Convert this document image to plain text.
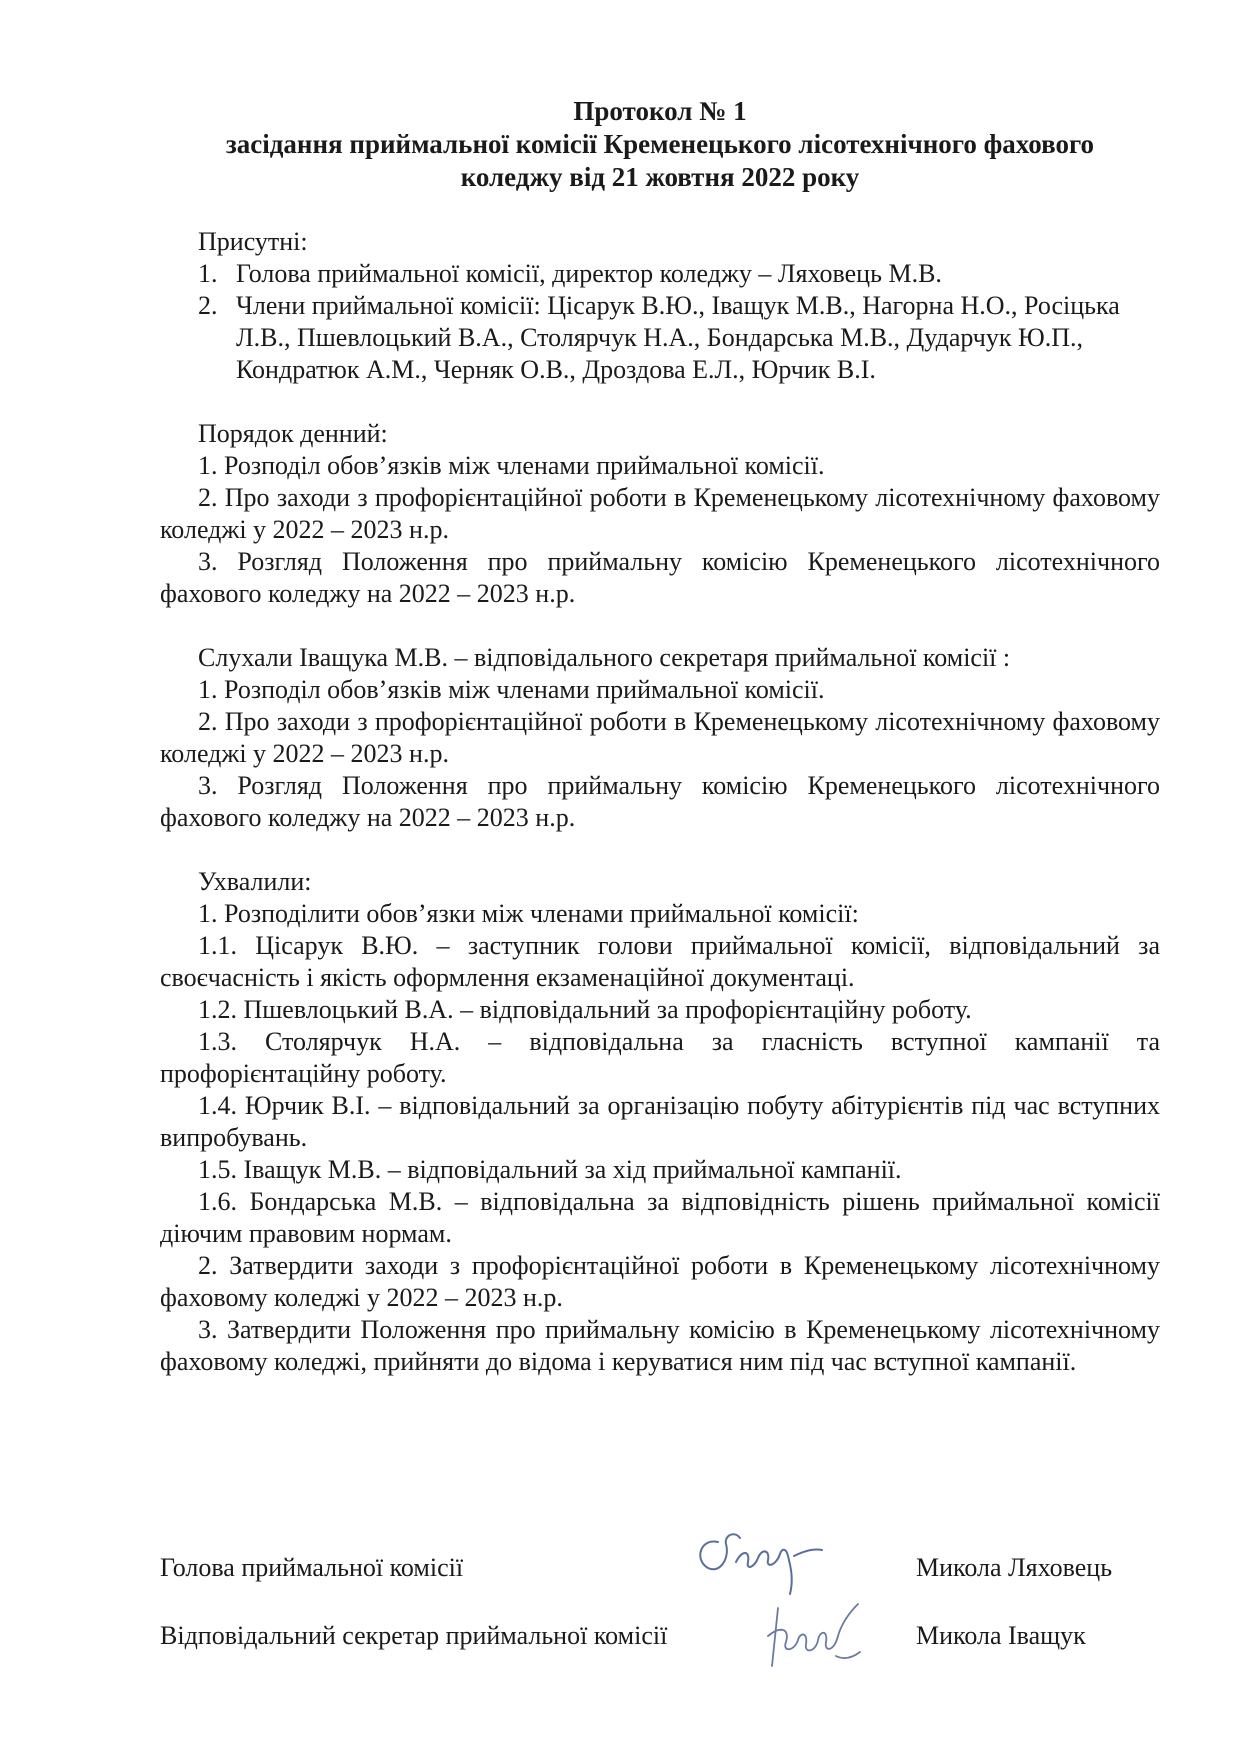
Протокол № 1
засідання приймальної комісії Кременецького лісотехнічного фахового
коледжу від 21 жовтня 2022 року

Присутні:

1. Голова приймальної комісії, директор коледжу – Ляховець М.В.
2. Члени приймальної комісії: Цісарук В.Ю., Іващук М.В., Нагорна Н.О., Росіцька Л.В., Пшевлоцький В.А., Столярчук Н.А., Бондарська М.В., Дударчук Ю.П., Кондратюк А.М., Черняк О.В., Дроздова Е.Л., Юрчик В.І.

Порядок денний:

1. Розподіл обов’язків між членами приймальної комісії.

2. Про заходи з профорієнтаційної роботи в Кременецькому лісотехнічному фаховому коледжі у 2022 – 2023 н.р.

3. Розгляд Положення про приймальну комісію Кременецького лісотехнічного фахового коледжу на 2022 – 2023 н.р.

Слухали Іващука М.В. – відповідального секретаря приймальної комісії :

1. Розподіл обов’язків між членами приймальної комісії.

2. Про заходи з профорієнтаційної роботи в Кременецькому лісотехнічному фаховому коледжі у 2022 – 2023 н.р.

3. Розгляд Положення про приймальну комісію Кременецького лісотехнічного фахового коледжу на 2022 – 2023 н.р.

Ухвалили:

1. Розподілити обов’язки між членами приймальної комісії:

1.1. Цісарук В.Ю. – заступник голови приймальної комісії, відповідальний за своєчасність і якість оформлення екзаменаційної документаці.

1.2. Пшевлоцький В.А. – відповідальний за профорієнтаційну роботу.

1.3. Столярчук Н.А. – відповідальна за гласність вступної кампанії та профорієнтаційну роботу.

1.4. Юрчик В.І. – відповідальний за організацію побуту абітурієнтів під час вступних випробувань.

1.5. Іващук М.В. – відповідальний за хід приймальної кампанії.

1.6. Бондарська М.В. – відповідальна за відповідність рішень приймальної комісії діючим правовим нормам.

2. Затвердити заходи з профорієнтаційної роботи в Кременецькому лісотехнічному фаховому коледжі у 2022 – 2023 н.р.

3. Затвердити Положення про приймальну комісію в Кременецькому лісотехнічному фаховому коледжі, прийняти до відома і керуватися ним під час вступної кампанії.

Голова приймальної комісії	Микола Ляховець
Відповідальний секретар приймальної комісії	Микола Іващук
